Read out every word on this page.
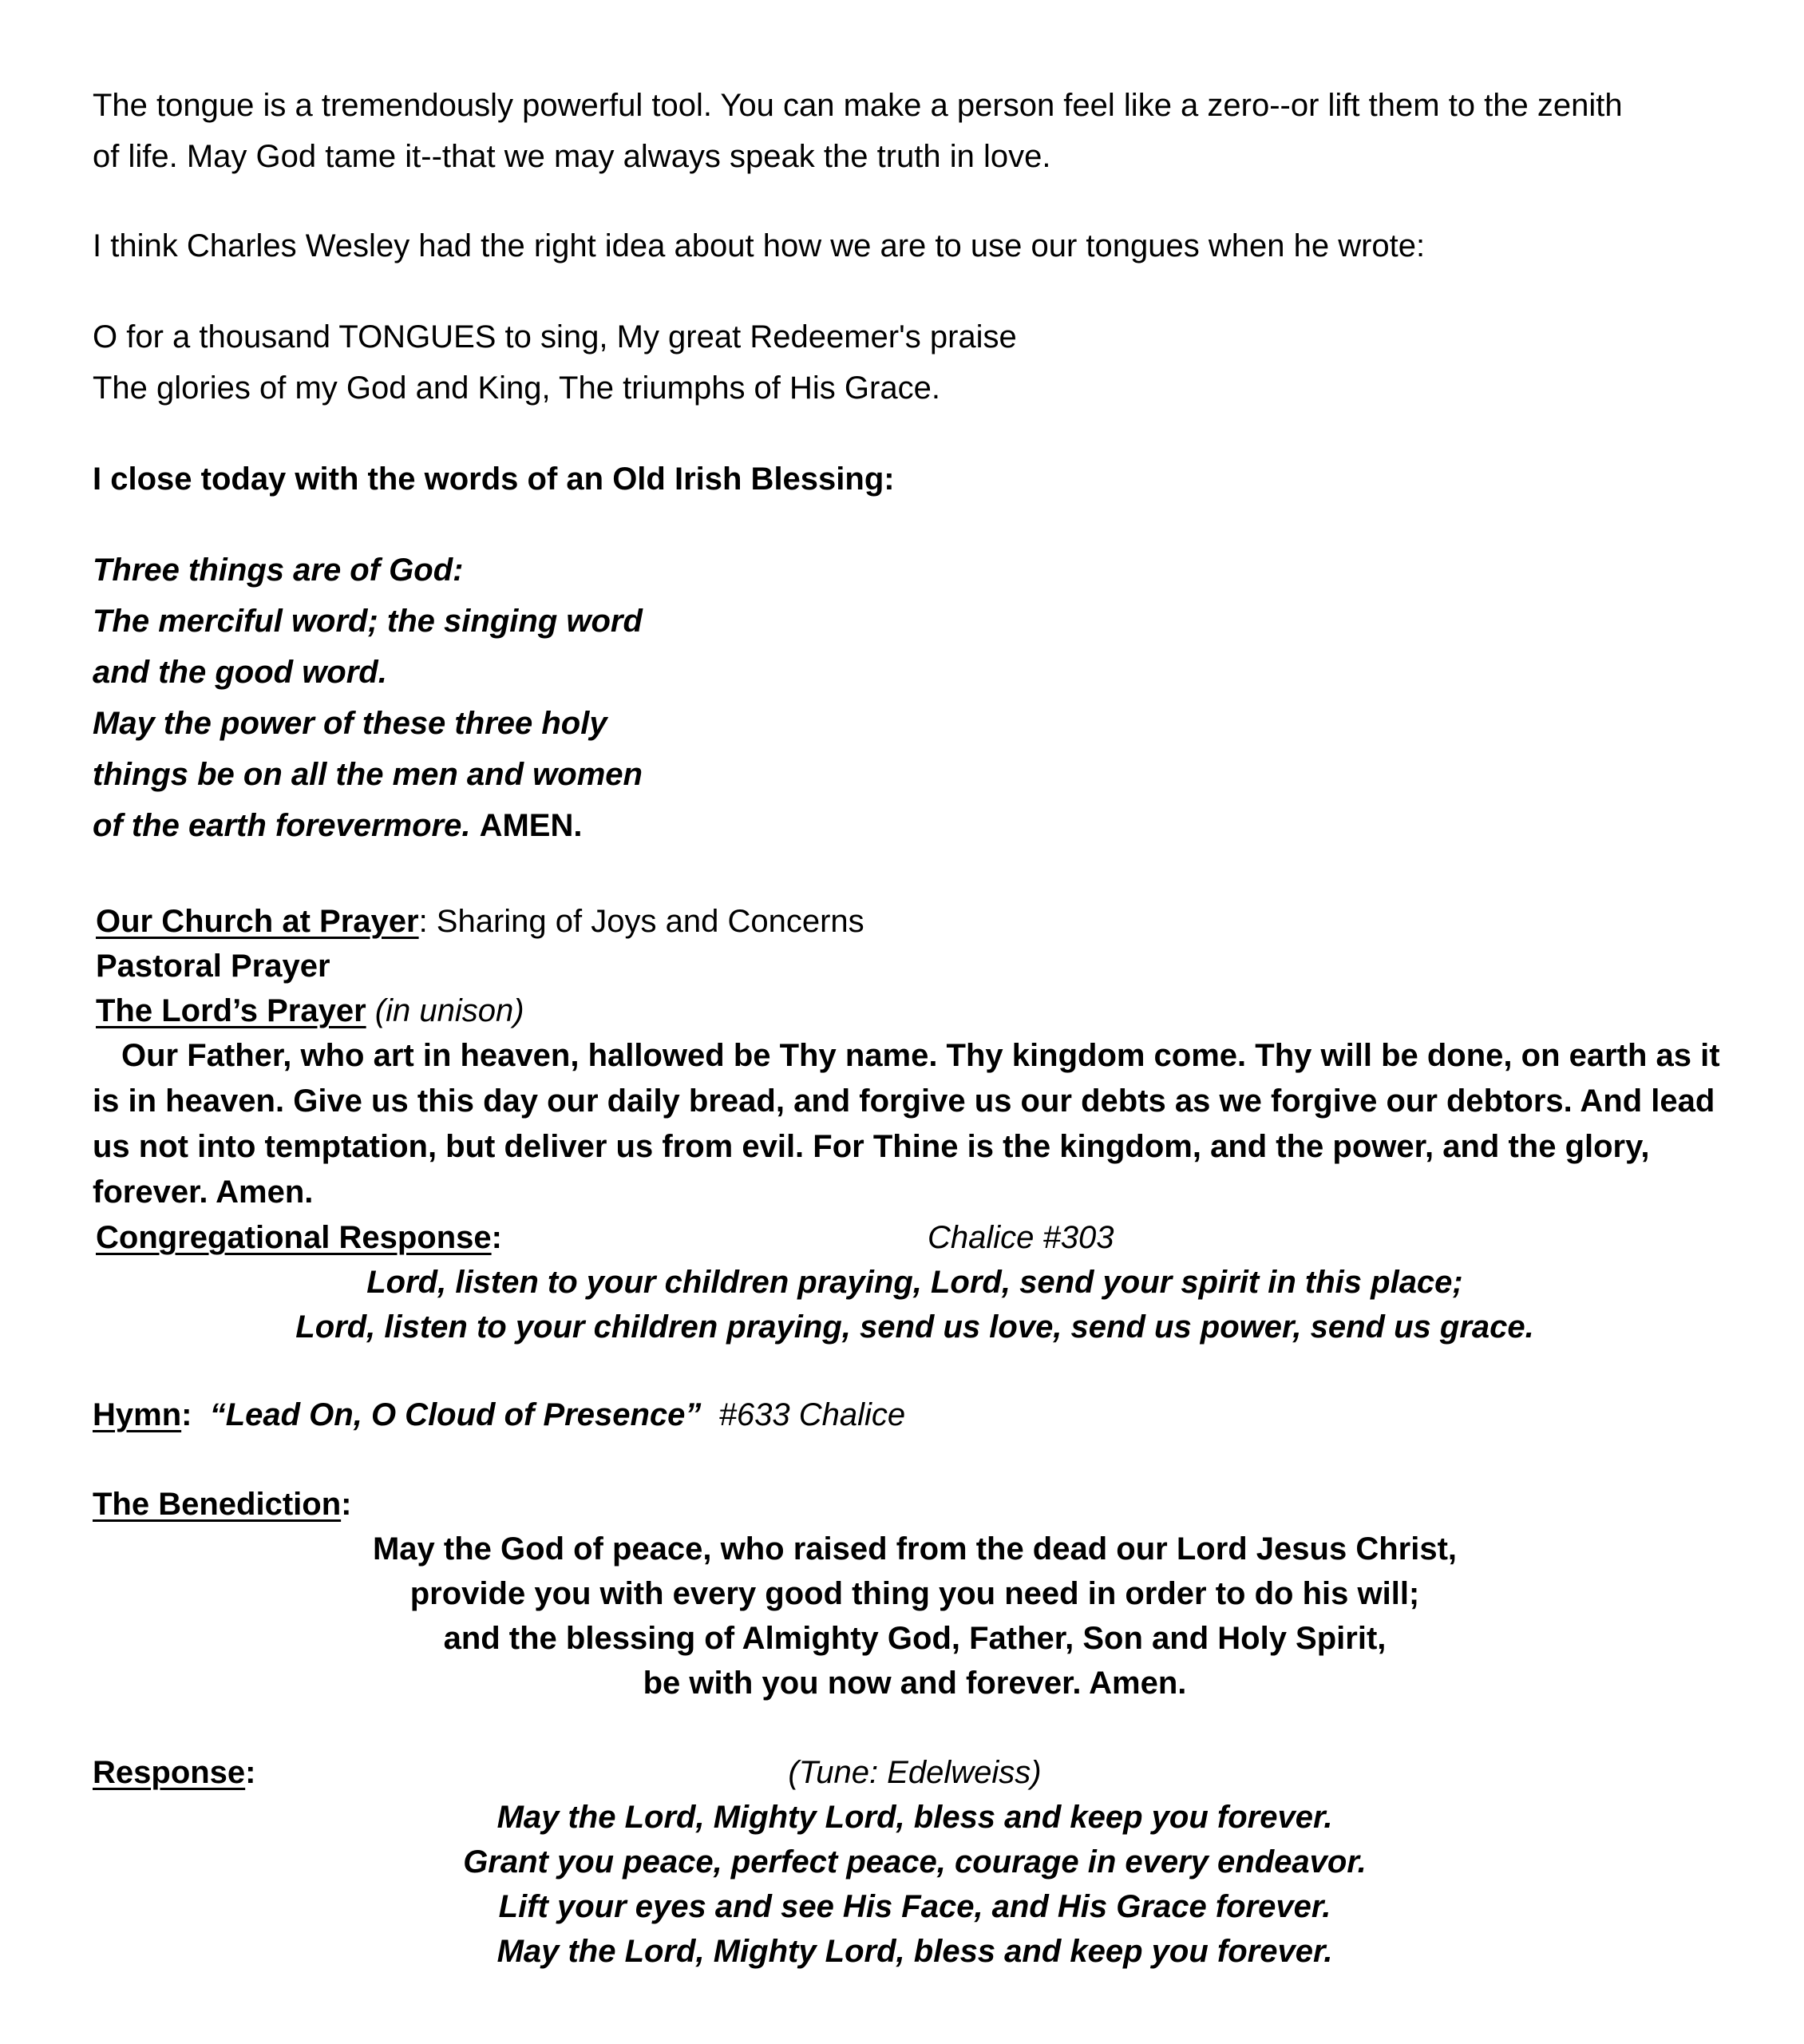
The tongue is a tremendously powerful tool. You can make a person feel like a zero--or lift them to the zenith
of life. May God tame it--that we may always speak the truth in love.
I think Charles Wesley had the right idea about how we are to use our tongues when he wrote:
O for a thousand TONGUES to sing, My great Redeemer's praise
The glories of my God and King, The triumphs of His Grace.
I close today with the words of an Old Irish Blessing:
Three things are of God:
The merciful word; the singing word
and the good word.
May the power of these three holy
things be on all the men and women
of the earth forevermore. AMEN.
Our Church at Prayer: Sharing of Joys and Concerns
Pastoral Prayer
The Lord’s Prayer (in unison)
Our Father, who art in heaven, hallowed be Thy name. Thy kingdom come. Thy will be done, on earth as it is in heaven. Give us this day our daily bread, and forgive us our debts as we forgive our debtors. And lead us not into temptation, but deliver us from evil. For Thine is the kingdom, and the power, and the glory, forever. Amen.
Congregational Response:	Chalice #303
Lord, listen to your children praying, Lord, send your spirit in this place;
Lord, listen to your children praying, send us love, send us power, send us grace.
Hymn: “Lead On, O Cloud of Presence” #633 Chalice
The Benediction:
May the God of peace, who raised from the dead our Lord Jesus Christ,
provide you with every good thing you need in order to do his will;
and the blessing of Almighty God, Father, Son and Holy Spirit,
be with you now and forever. Amen.
Response:	(Tune: Edelweiss)
May the Lord, Mighty Lord, bless and keep you forever.
Grant you peace, perfect peace, courage in every endeavor.
Lift your eyes and see His Face, and His Grace forever.
May the Lord, Mighty Lord, bless and keep you forever.
